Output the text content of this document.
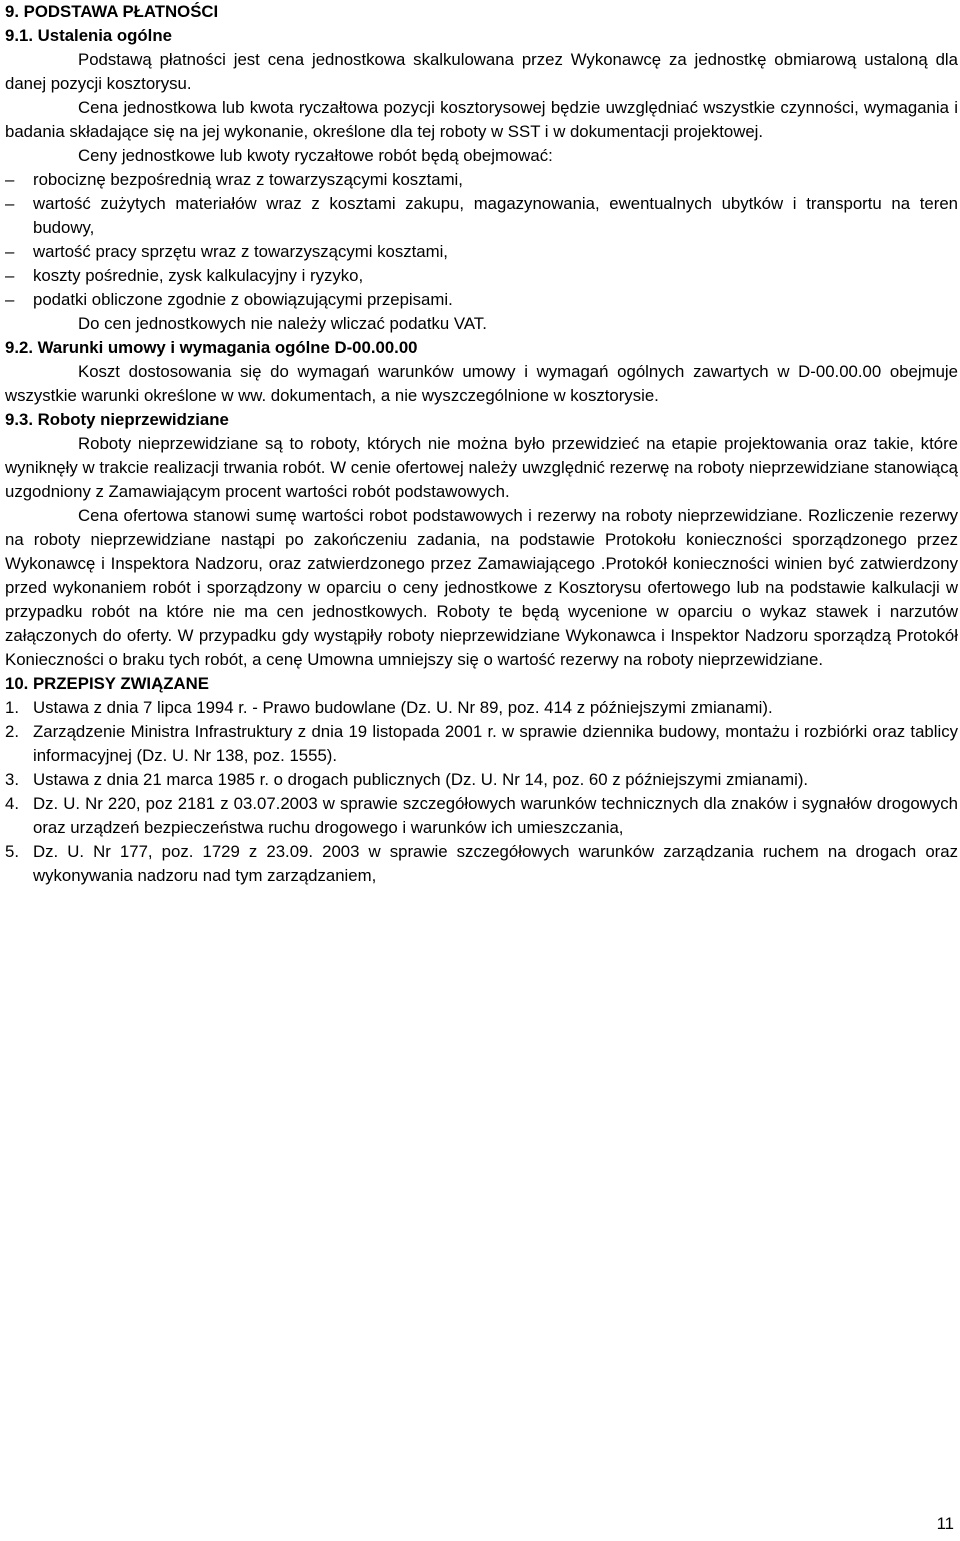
9. PODSTAWA PŁATNOŚCI
9.1. Ustalenia ogólne

Podstawą płatności jest cena jednostkowa skalkulowana przez Wykonawcę za jednostkę obmiarową ustaloną dla danej pozycji kosztorysu.

Cena jednostkowa lub kwota ryczałtowa pozycji kosztorysowej będzie uwzględniać wszystkie czynności, wymagania i badania składające się na jej wykonanie, określone dla tej roboty w SST i w dokumentacji projektowej.

Ceny jednostkowe lub kwoty ryczałtowe robót będą obejmować:

–	robociznę bezpośrednią wraz z towarzyszącymi kosztami,
–	wartość zużytych materiałów wraz z kosztami zakupu, magazynowania, ewentualnych ubytków i transportu na teren budowy,
–	wartość pracy sprzętu wraz z towarzyszącymi kosztami,
–	koszty pośrednie, zysk kalkulacyjny i ryzyko,
–	podatki obliczone zgodnie z obowiązującymi przepisami.

Do cen jednostkowych nie należy wliczać podatku VAT.

9.2. Warunki umowy i wymagania ogólne D-00.00.00

Koszt dostosowania się do wymagań warunków umowy i wymagań ogólnych zawartych w D-00.00.00 obejmuje wszystkie warunki określone w ww. dokumentach, a nie wyszczególnione w kosztorysie.

9.3. Roboty nieprzewidziane

Roboty nieprzewidziane są to roboty, których nie można było przewidzieć na etapie projektowania oraz takie, które wyniknęły w trakcie realizacji trwania robót. W cenie ofertowej należy uwzględnić rezerwę na roboty nieprzewidziane stanowiącą uzgodniony z Zamawiającym procent wartości robót podstawowych.

Cena ofertowa stanowi sumę wartości robot podstawowych i rezerwy na roboty nieprzewidziane. Rozliczenie rezerwy na roboty nieprzewidziane nastąpi po zakończeniu zadania, na podstawie Protokołu konieczności sporządzonego przez Wykonawcę i Inspektora Nadzoru, oraz zatwierdzonego przez Zamawiającego .Protokół konieczności winien być zatwierdzony przed wykonaniem robót i sporządzony w oparciu o ceny jednostkowe z Kosztorysu ofertowego lub na podstawie kalkulacji w przypadku robót na które nie ma cen jednostkowych. Roboty te będą wycenione w oparciu o wykaz stawek i narzutów załączonych do oferty. W przypadku gdy wystąpiły roboty nieprzewidziane Wykonawca i Inspektor Nadzoru sporządzą Protokół Konieczności o braku tych robót, a cenę Umowna umniejszy się o wartość rezerwy na roboty nieprzewidziane.

10. PRZEPISY ZWIĄZANE
1. Ustawa z dnia 7 lipca 1994 r. - Prawo budowlane (Dz. U. Nr 89, poz. 414 z późniejszymi zmianami).
2. Zarządzenie Ministra Infrastruktury z dnia 19 listopada 2001 r. w sprawie dziennika budowy, montażu i rozbiórki oraz tablicy informacyjnej (Dz. U. Nr 138, poz. 1555).
3. Ustawa z dnia 21 marca 1985 r. o drogach publicznych (Dz. U. Nr 14, poz. 60 z późniejszymi zmianami).
4. Dz. U. Nr 220, poz 2181 z 03.07.2003 w sprawie szczegółowych warunków technicznych dla znaków i sygnałów drogowych oraz urządzeń bezpieczeństwa ruchu drogowego i warunków ich umieszczania,
5. Dz. U. Nr 177, poz. 1729 z 23.09. 2003 w sprawie szczegółowych warunków zarządzania ruchem na drogach oraz wykonywania nadzoru nad tym zarządzaniem,
11
